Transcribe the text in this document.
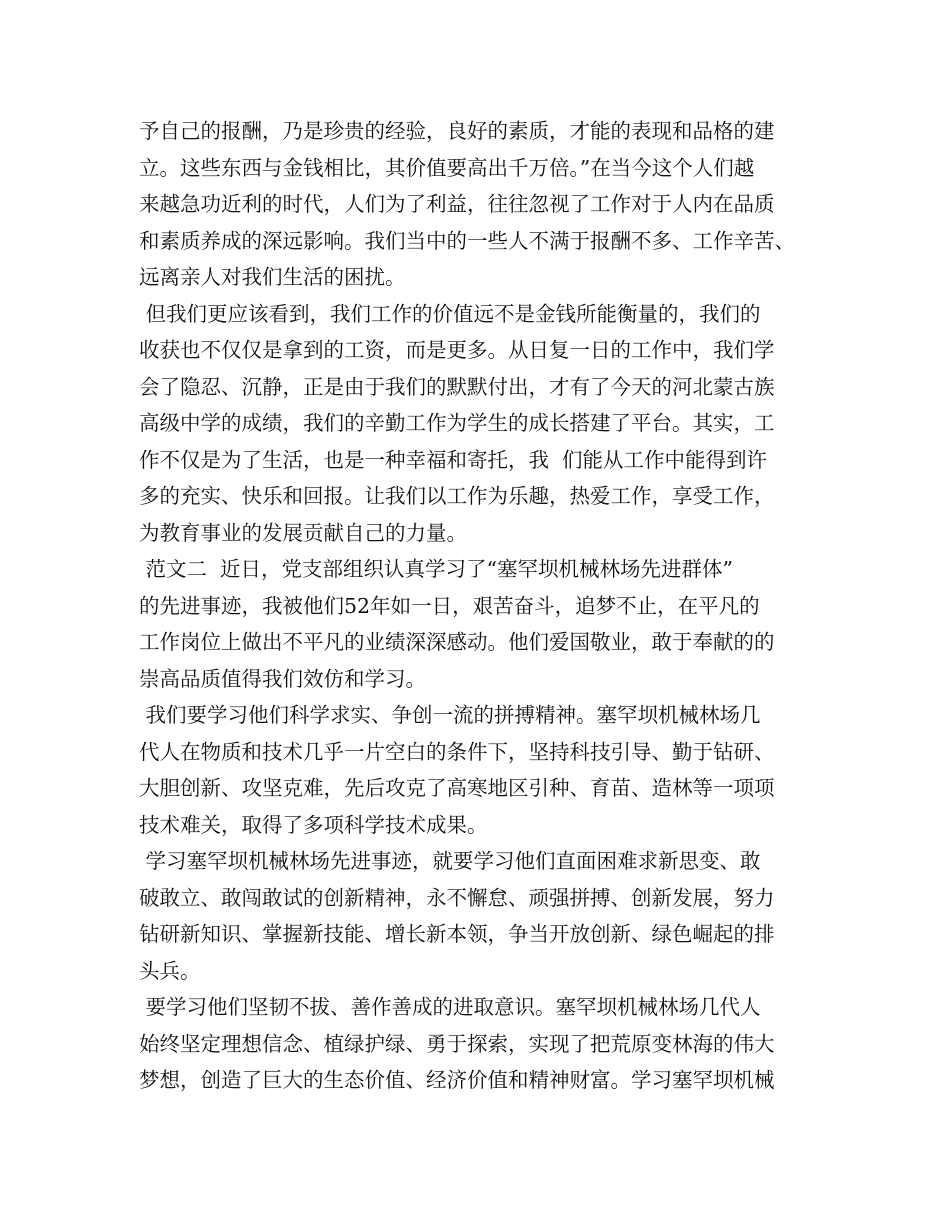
予自己的报酬，乃是珍贵的经验，良好的素质，才能的表现和品格的建
立。这些东西与金钱相比，其价值要高出千万倍。”在当今这个人们越
来越急功近利的时代，人们为了利益，往往忽视了工作对于人内在品质
和素质养成的深远影响。我们当中的一些人不满于报酬不多、工作辛苦、
远离亲人对我们生活的困扰。
但我们更应该看到，我们工作的价值远不是金钱所能衡量的，我们的
收获也不仅仅是拿到的工资，而是更多。从日复一日的工作中，我们学
会了隐忍、沉静，正是由于我们的默默付出，才有了今天的河北蒙古族
高级中学的成绩，我们的辛勤工作为学生的成长搭建了平台。其实，工
作不仅是为了生活，也是一种幸福和寄托，我  们能从工作中能得到许
多的充实、快乐和回报。让我们以工作为乐趣，热爱工作，享受工作，
为教育事业的发展贡献自己的力量。
范文二  近日，党支部组织认真学习了“塞罕坝机械林场先进群体”
的先进事迹，我被他们52年如一日，艰苦奋斗，追梦不止，在平凡的
工作岗位上做出不平凡的业绩深深感动。他们爱国敬业，敢于奉献的的
崇高品质值得我们效仿和学习。
我们要学习他们科学求实、争创一流的拼搏精神。塞罕坝机械林场几
代人在物质和技术几乎一片空白的条件下，坚持科技引导、勤于钻研、
大胆创新、攻坚克难，先后攻克了高寒地区引种、育苗、造林等一项项
技术难关，取得了多项科学技术成果。
学习塞罕坝机械林场先进事迹，就要学习他们直面困难求新思变、敢
破敢立、敢闯敢试的创新精神，永不懈怠、顽强拼搏、创新发展，努力
钻研新知识、掌握新技能、增长新本领，争当开放创新、绿色崛起的排
头兵。
要学习他们坚韧不拔、善作善成的进取意识。塞罕坝机械林场几代人
始终坚定理想信念、植绿护绿、勇于探索，实现了把荒原变林海的伟大
梦想，创造了巨大的生态价值、经济价值和精神财富。学习塞罕坝机械
